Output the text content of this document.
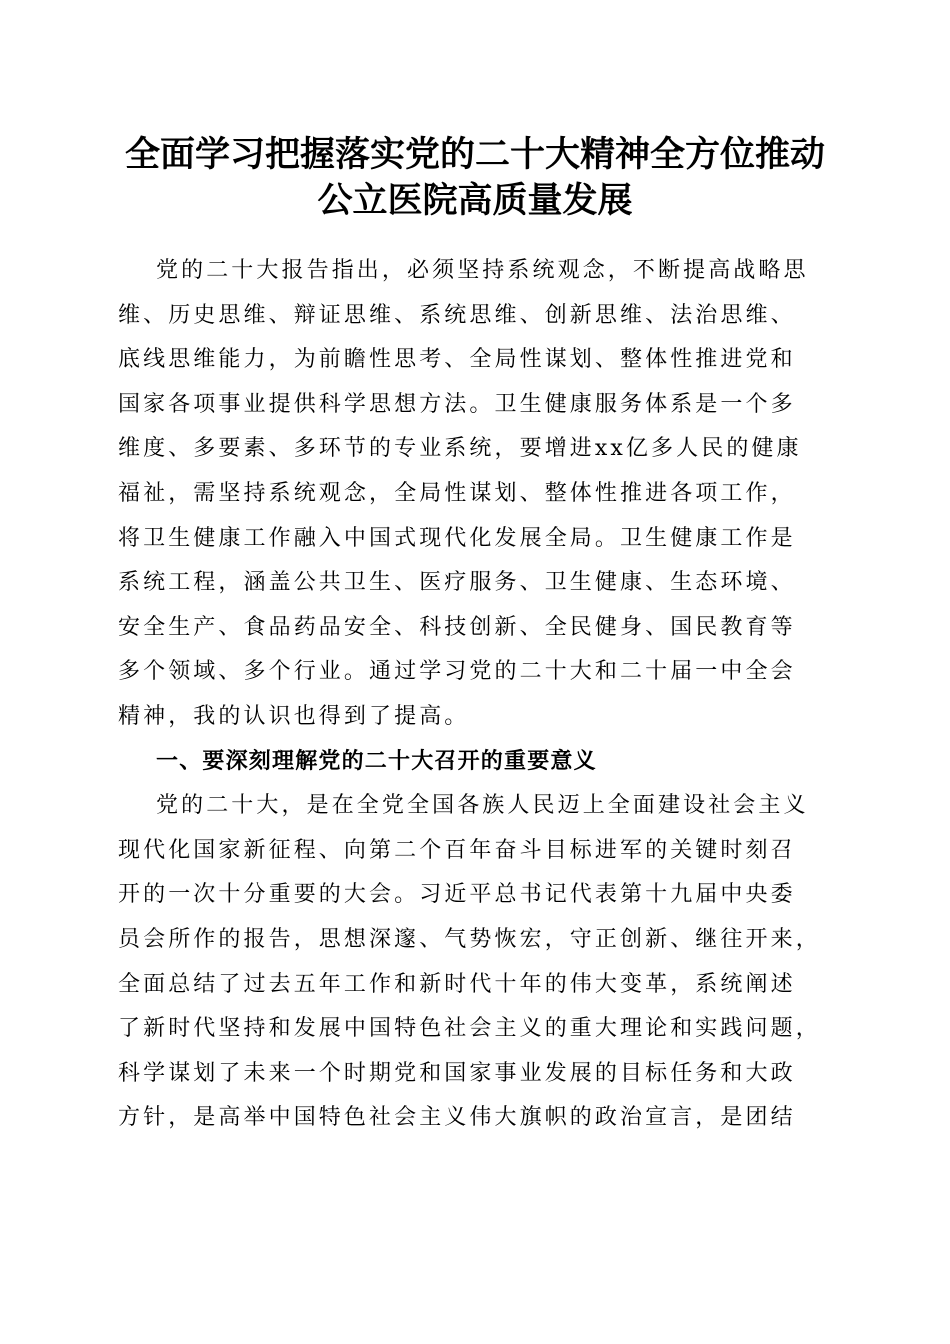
全面学习把握落实党的二十大精神全方位推动
公立医院高质量发展
党的二十大报告指出，必须坚持系统观念，不断提高战略思
维、历史思维、辩证思维、系统思维、创新思维、法治思维、
底线思维能力，为前瞻性思考、全局性谋划、整体性推进党和
国家各项事业提供科学思想方法。卫生健康服务体系是一个多
维度、多要素、多环节的专业系统，要增进xx亿多人民的健康
福祉，需坚持系统观念，全局性谋划、整体性推进各项工作，
将卫生健康工作融入中国式现代化发展全局。卫生健康工作是
系统工程，涵盖公共卫生、医疗服务、卫生健康、生态环境、
安全生产、食品药品安全、科技创新、全民健身、国民教育等
多个领域、多个行业。通过学习党的二十大和二十届一中全会
精神，我的认识也得到了提高。
一、要深刻理解党的二十大召开的重要意义
党的二十大，是在全党全国各族人民迈上全面建设社会主义
现代化国家新征程、向第二个百年奋斗目标进军的关键时刻召
开的一次十分重要的大会。习近平总书记代表第十九届中央委
员会所作的报告，思想深邃、气势恢宏，守正创新、继往开来，
全面总结了过去五年工作和新时代十年的伟大变革，系统阐述
了新时代坚持和发展中国特色社会主义的重大理论和实践问题，
科学谋划了未来一个时期党和国家事业发展的目标任务和大政
方针，是高举中国特色社会主义伟大旗帜的政治宣言，是团结
